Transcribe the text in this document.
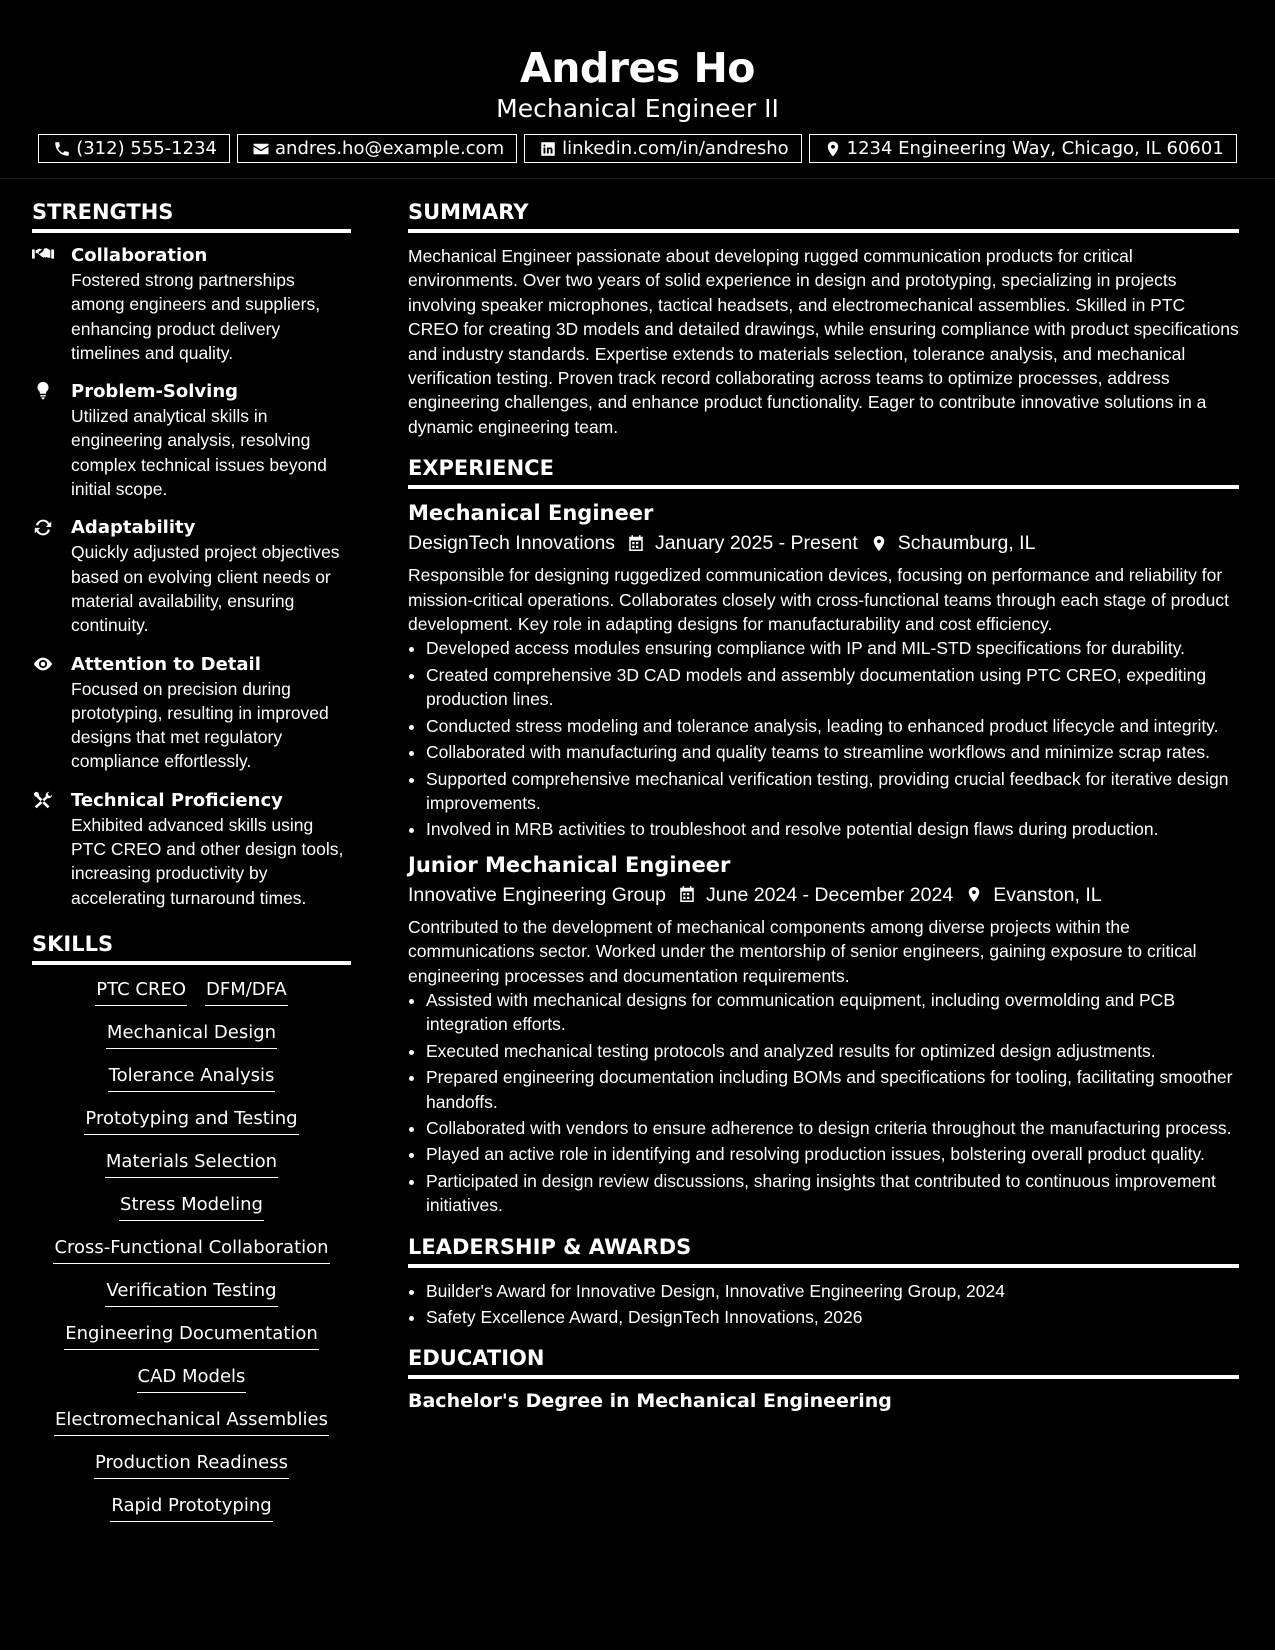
Andres Ho
Mechanical Engineer II
(312) 555-1234	andres.ho@example.com	linkedin.com/in/andresho	1234 Engineering Way, Chicago, IL 60601
STRENGTHS
Collaboration
Fostered strong partnerships among engineers and suppliers, enhancing product delivery timelines and quality.
Problem-Solving
Utilized analytical skills in engineering analysis, resolving complex technical issues beyond initial scope.
Adaptability
Quickly adjusted project objectives based on evolving client needs or material availability, ensuring continuity.
Attention to Detail
Focused on precision during prototyping, resulting in improved designs that met regulatory compliance effortlessly.
Technical Proficiency
Exhibited advanced skills using PTC CREO and other design tools, increasing productivity by accelerating turnaround times.
SKILLS
PTC CREO DFM/DFA
Mechanical Design
Tolerance Analysis
Prototyping and Testing
Materials Selection
Stress Modeling
Cross-Functional Collaboration
Verification Testing
Engineering Documentation
CAD Models
Electromechanical Assemblies
Production Readiness
Rapid Prototyping
SUMMARY
Mechanical Engineer passionate about developing rugged communication products for critical environments. Over two years of solid experience in design and prototyping, specializing in projects involving speaker microphones, tactical headsets, and electromechanical assemblies. Skilled in PTC CREO for creating 3D models and detailed drawings, while ensuring compliance with product specifications and industry standards. Expertise extends to materials selection, tolerance analysis, and mechanical verification testing. Proven track record collaborating across teams to optimize processes, address engineering challenges, and enhance product functionality. Eager to contribute innovative solutions in a dynamic engineering team.
EXPERIENCE
Mechanical Engineer
DesignTech Innovations January 2025 - Present Schaumburg, IL
Responsible for designing ruggedized communication devices, focusing on performance and reliability for mission-critical operations. Collaborates closely with cross-functional teams through each stage of product development. Key role in adapting designs for manufacturability and cost efficiency.
• Developed access modules ensuring compliance with IP and MIL-STD specifications for durability.
• Created comprehensive 3D CAD models and assembly documentation using PTC CREO, expediting production lines.
• Conducted stress modeling and tolerance analysis, leading to enhanced product lifecycle and integrity.
• Collaborated with manufacturing and quality teams to streamline workflows and minimize scrap rates.
• Supported comprehensive mechanical verification testing, providing crucial feedback for iterative design improvements.
• Involved in MRB activities to troubleshoot and resolve potential design flaws during production.
Junior Mechanical Engineer
Innovative Engineering Group June 2024 - December 2024 Evanston, IL
Contributed to the development of mechanical components among diverse projects within the communications sector. Worked under the mentorship of senior engineers, gaining exposure to critical engineering processes and documentation requirements.
• Assisted with mechanical designs for communication equipment, including overmolding and PCB integration efforts.
• Executed mechanical testing protocols and analyzed results for optimized design adjustments.
• Prepared engineering documentation including BOMs and specifications for tooling, facilitating smoother handoffs.
• Collaborated with vendors to ensure adherence to design criteria throughout the manufacturing process.
• Played an active role in identifying and resolving production issues, bolstering overall product quality.
• Participated in design review discussions, sharing insights that contributed to continuous improvement initiatives.
LEADERSHIP & AWARDS
• Builder's Award for Innovative Design, Innovative Engineering Group, 2024
• Safety Excellence Award, DesignTech Innovations, 2026
EDUCATION
Bachelor's Degree in Mechanical Engineering
